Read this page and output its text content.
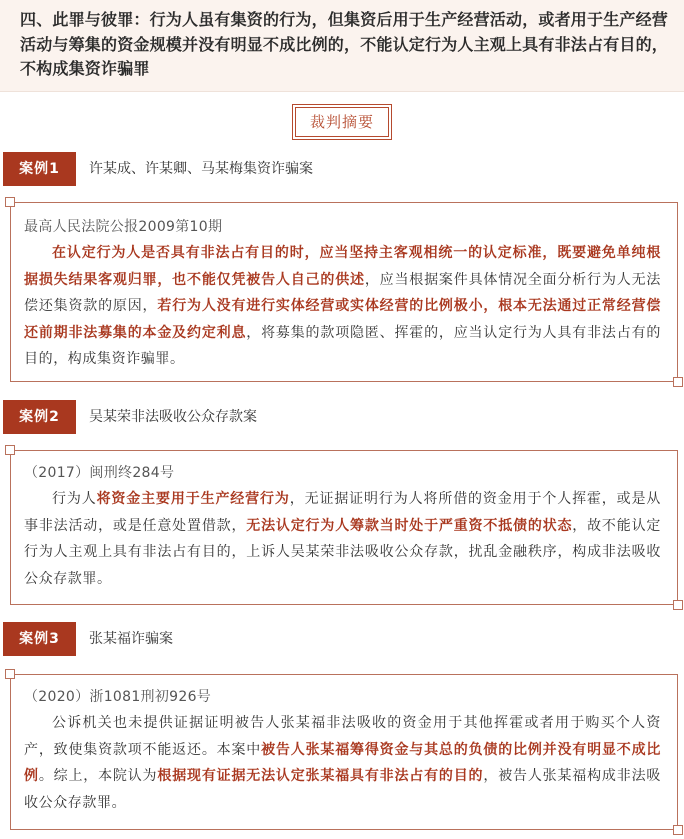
四、此罪与彼罪：行为人虽有集资的行为，但集资后用于生产经营活动，或者用于生产经营活动与筹集的资金规模并没有明显不成比例的，不能认定行为人主观上具有非法占有目的，不构成集资诈骗罪

裁判摘要
案例1	许某成、许某卿、马某梅集资诈骗案
最高人民法院公报2009第10期

在认定行为人是否具有非法占有目的时，应当坚持主客观相统一的认定标准，既要避免单纯根据损失结果客观归罪，也不能仅凭被告人自己的供述，应当根据案件具体情况全面分析行为人无法偿还集资款的原因，若行为人没有进行实体经营或实体经营的比例极小，根本无法通过正常经营偿还前期非法募集的本金及约定利息，将募集的款项隐匿、挥霍的，应当认定行为人具有非法占有的目的，构成集资诈骗罪。

案例2	吴某荣非法吸收公众存款案
（2017）闽刑终284号

行为人将资金主要用于生产经营行为，无证据证明行为人将所借的资金用于个人挥霍，或是从事非法活动，或是任意处置借款，无法认定行为人筹款当时处于严重资不抵债的状态，故不能认定行为人主观上具有非法占有目的，上诉人吴某荣非法吸收公众存款，扰乱金融秩序，构成非法吸收公众存款罪。

案例3	张某福诈骗案
（2020）浙1081刑初926号

公诉机关也未提供证据证明被告人张某福非法吸收的资金用于其他挥霍或者用于购买个人资产，致使集资款项不能返还。本案中被告人张某福筹得资金与其总的负债的比例并没有明显不成比例。综上，本院认为根据现有证据无法认定张某福具有非法占有的目的，被告人张某福构成非法吸收公众存款罪。
